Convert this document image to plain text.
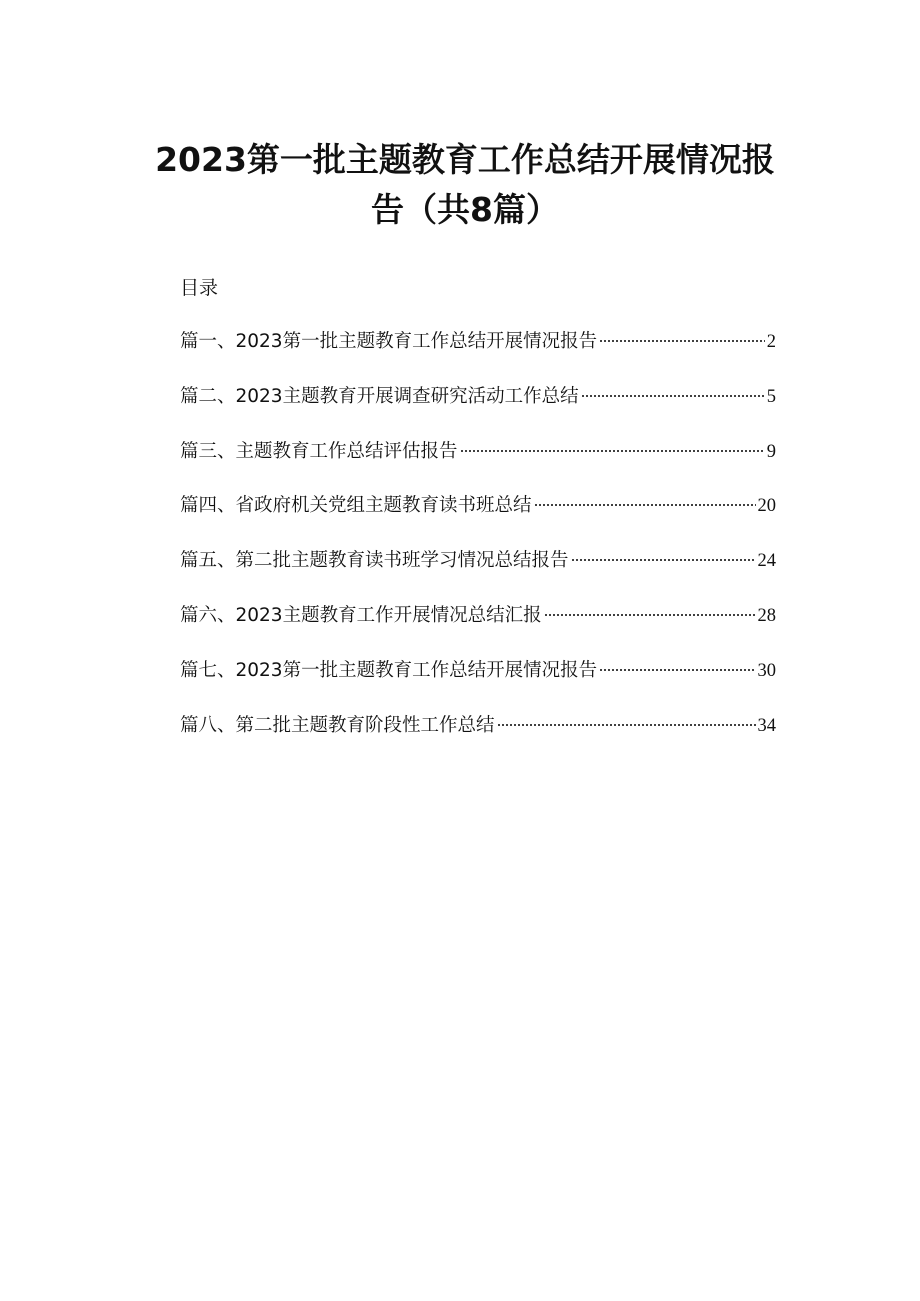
2023第一批主题教育工作总结开展情况报
告（共8篇）
目录
篇一、2023第一批主题教育工作总结开展情况报告	2
篇二、2023主题教育开展调查研究活动工作总结	5
篇三、主题教育工作总结评估报告	9
篇四、省政府机关党组主题教育读书班总结	20
篇五、第二批主题教育读书班学习情况总结报告	24
篇六、2023主题教育工作开展情况总结汇报	28
篇七、2023第一批主题教育工作总结开展情况报告	30
篇八、第二批主题教育阶段性工作总结	34
